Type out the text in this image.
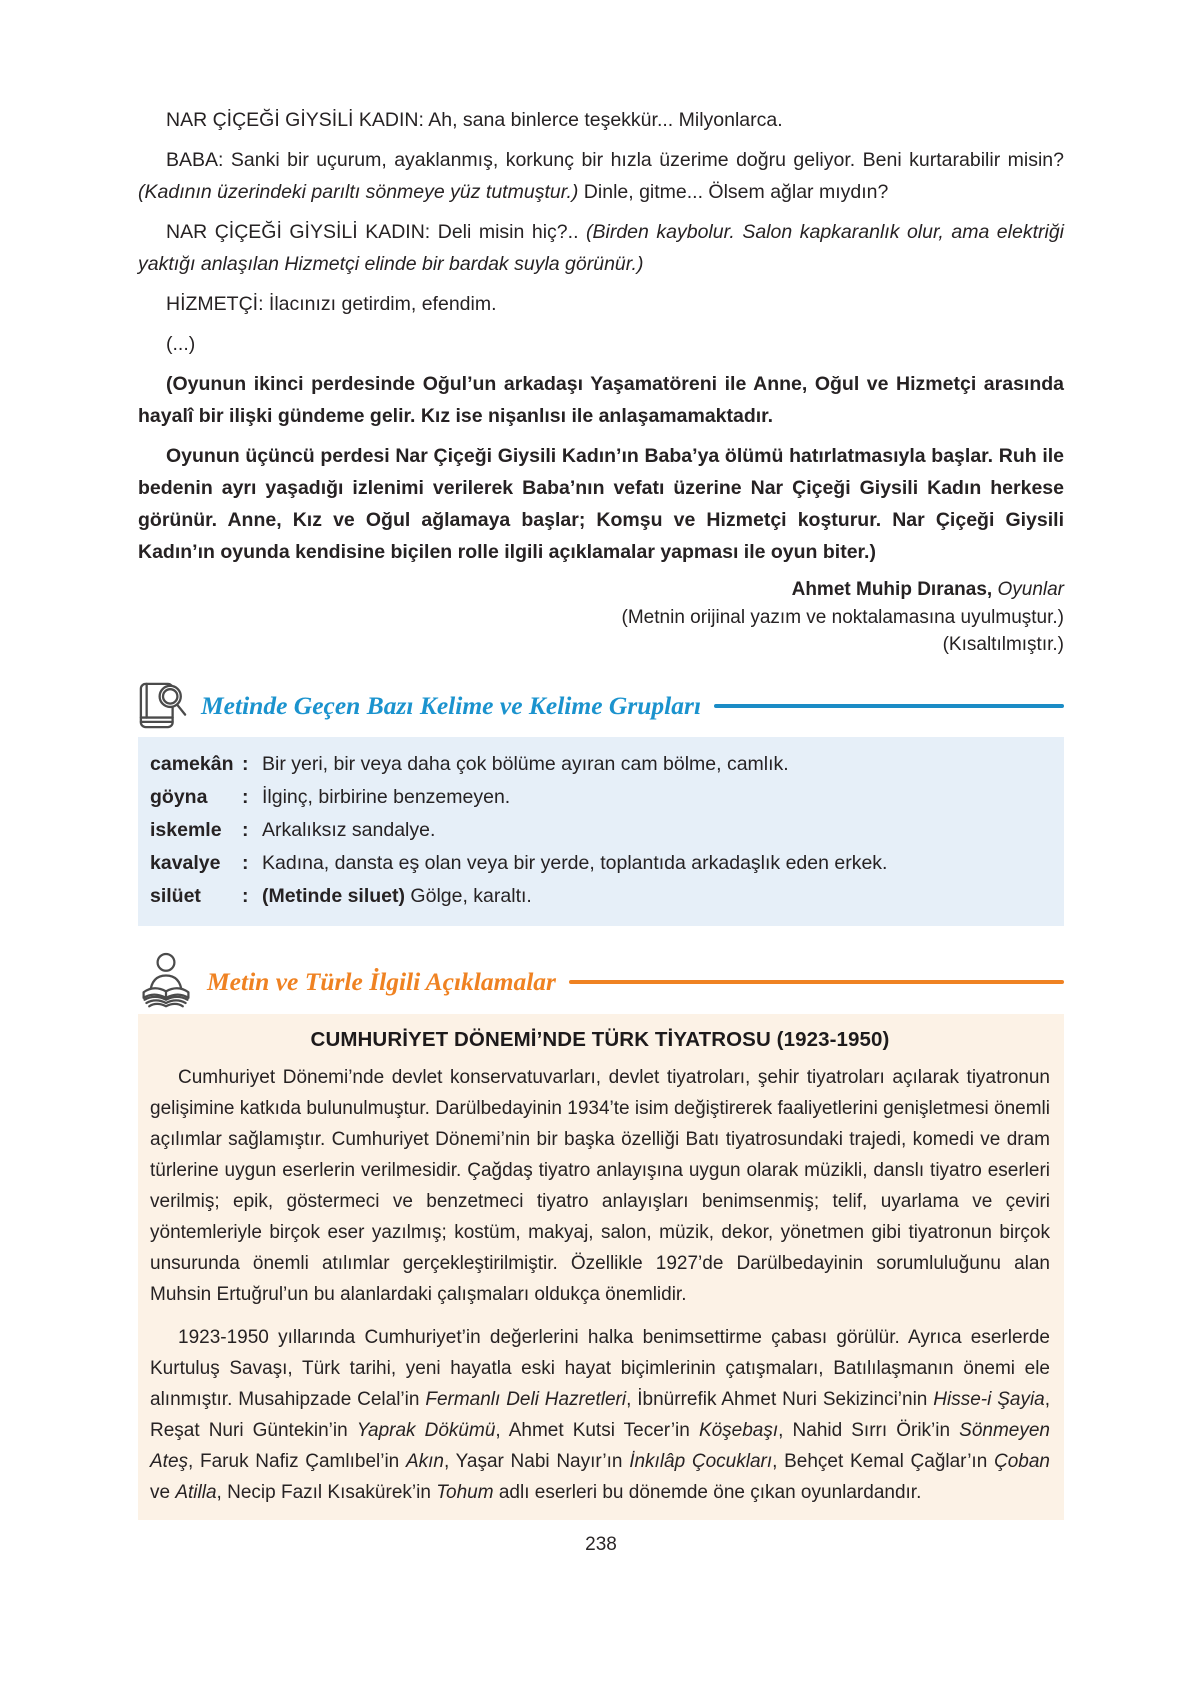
NAR ÇİÇEĞİ GİYSİLİ KADIN: Ah, sana binlerce teşekkür... Milyonlarca.

BABA: Sanki bir uçurum, ayaklanmış, korkunç bir hızla üzerime doğru geliyor. Beni kurtarabilir misin? (Kadının üzerindeki parıltı sönmeye yüz tutmuştur.) Dinle, gitme... Ölsem ağlar mıydın?

NAR ÇİÇEĞİ GİYSİLİ KADIN: Deli misin hiç?.. (Birden kaybolur. Salon kapkaranlık olur, ama elektriği yaktığı anlaşılan Hizmetçi elinde bir bardak suyla görünür.)

HİZMETÇİ: İlacınızı getirdim, efendim.

(...)

(Oyunun ikinci perdesinde Oğul’un arkadaşı Yaşamatöreni ile Anne, Oğul ve Hizmetçi arasında hayalî bir ilişki gündeme gelir. Kız ise nişanlısı ile anlaşamamaktadır.

Oyunun üçüncü perdesi Nar Çiçeği Giysili Kadın’ın Baba’ya ölümü hatırlatmasıyla başlar. Ruh ile bedenin ayrı yaşadığı izlenimi verilerek Baba’nın vefatı üzerine Nar Çiçeği Giysili Kadın herkese görünür. Anne, Kız ve Oğul ağlamaya başlar; Komşu ve Hizmetçi koşturur. Nar Çiçeği Giysili Kadın’ın oyunda kendisine biçilen rolle ilgili açıklamalar yapması ile oyun biter.)

Ahmet Muhip Dıranas, Oyunlar
(Metnin orijinal yazım ve noktalamasına uyulmuştur.)
(Kısaltılmıştır.)
Metinde Geçen Bazı Kelime ve Kelime Grupları
camekân : Bir yeri, bir veya daha çok bölüme ayıran cam bölme, camlık.
göyna	: İlginç, birbirine benzemeyen.
iskemle	: Arkalıksız sandalye.
kavalye	: Kadına, dansta eş olan veya bir yerde, toplantıda arkadaşlık eden erkek.
silüet	: (Metinde siluet) Gölge, karaltı.
Metin ve Türle İlgili Açıklamalar
CUMHURİYET DÖNEMİ’NDE TÜRK TİYATROSU (1923-1950)

Cumhuriyet Dönemi’nde devlet konservatuvarları, devlet tiyatroları, şehir tiyatroları açılarak tiyatronun gelişimine katkıda bulunulmuştur. Darülbedayinin 1934’te isim değiştirerek faaliyetlerini genişletmesi önemli açılımlar sağlamıştır. Cumhuriyet Dönemi’nin bir başka özelliği Batı tiyatrosundaki trajedi, komedi ve dram türlerine uygun eserlerin verilmesidir. Çağdaş tiyatro anlayışına uygun olarak müzikli, danslı tiyatro eserleri verilmiş; epik, göstermeci ve benzetmeci tiyatro anlayışları benimsenmiş; telif, uyarlama ve çeviri yöntemleriyle birçok eser yazılmış; kostüm, makyaj, salon, müzik, dekor, yönetmen gibi tiyatronun birçok unsurunda önemli atılımlar gerçekleştirilmiştir. Özellikle 1927’de Darülbedayinin sorumluluğunu alan Muhsin Ertuğrul’un bu alanlardaki çalışmaları oldukça önemlidir.

1923-1950 yıllarında Cumhuriyet’in değerlerini halka benimsettirme çabası görülür. Ayrıca eserlerde Kurtuluş Savaşı, Türk tarihi, yeni hayatla eski hayat biçimlerinin çatışmaları, Batılılaşmanın önemi ele alınmıştır. Musahipzade Celal’in Fermanlı Deli Hazretleri, İbnürrefik Ahmet Nuri Sekizinci’nin Hisse-i Şayia, Reşat Nuri Güntekin’in Yaprak Dökümü, Ahmet Kutsi Tecer’in Köşebaşı, Nahid Sırrı Örik’in Sönmeyen Ateş, Faruk Nafiz Çamlıbel’in Akın, Yaşar Nabi Nayır’ın İnkılâp Çocukları, Behçet Kemal Çağlar’ın Çoban ve Atilla, Necip Fazıl Kısakürek’in Tohum adlı eserleri bu dönemde öne çıkan oyunlardandır.

238
